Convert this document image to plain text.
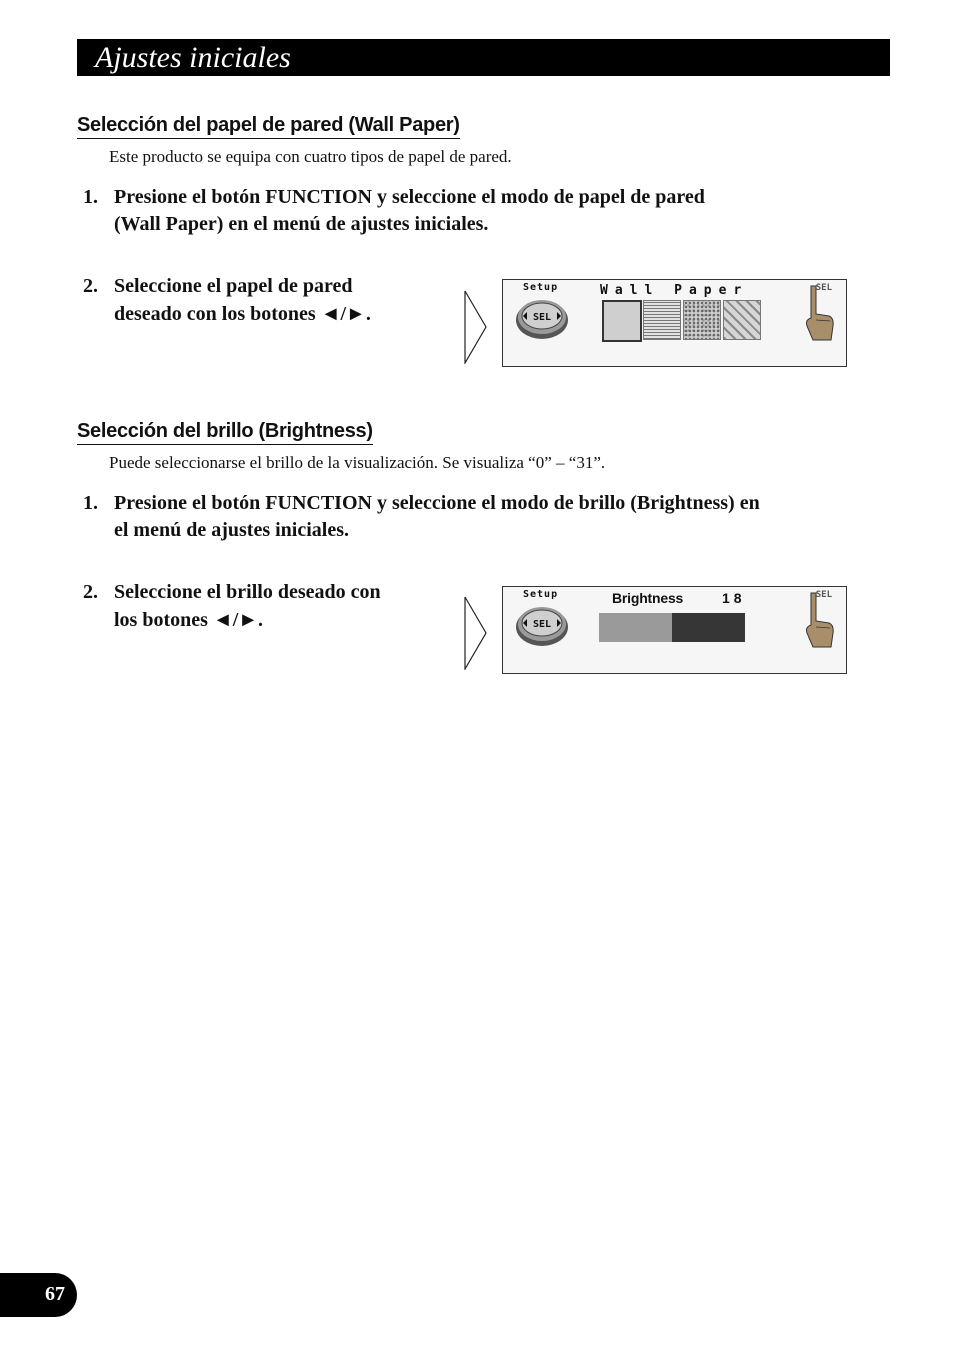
Ajustes iniciales
Selección del papel de pared (Wall Paper)
Este producto se equipa con cuatro tipos de papel de pared.
1. Presione el botón FUNCTION y seleccione el modo de papel de pared
(Wall Paper) en el menú de ajustes iniciales.
2. Seleccione el papel de pared
deseado con los botones ◄/►.
Setup
SEL
Wall Paper	SEL
Selección del brillo (Brightness)
Puede seleccionarse el brillo de la visualización. Se visualiza “0” – “31”.
1. Presione el botón FUNCTION y seleccione el modo de brillo (Brightness) en
el menú de ajustes iniciales.
2. Seleccione el brillo deseado con
los botones ◄/►.
Setup
SEL
Brightness	18	SEL
67
